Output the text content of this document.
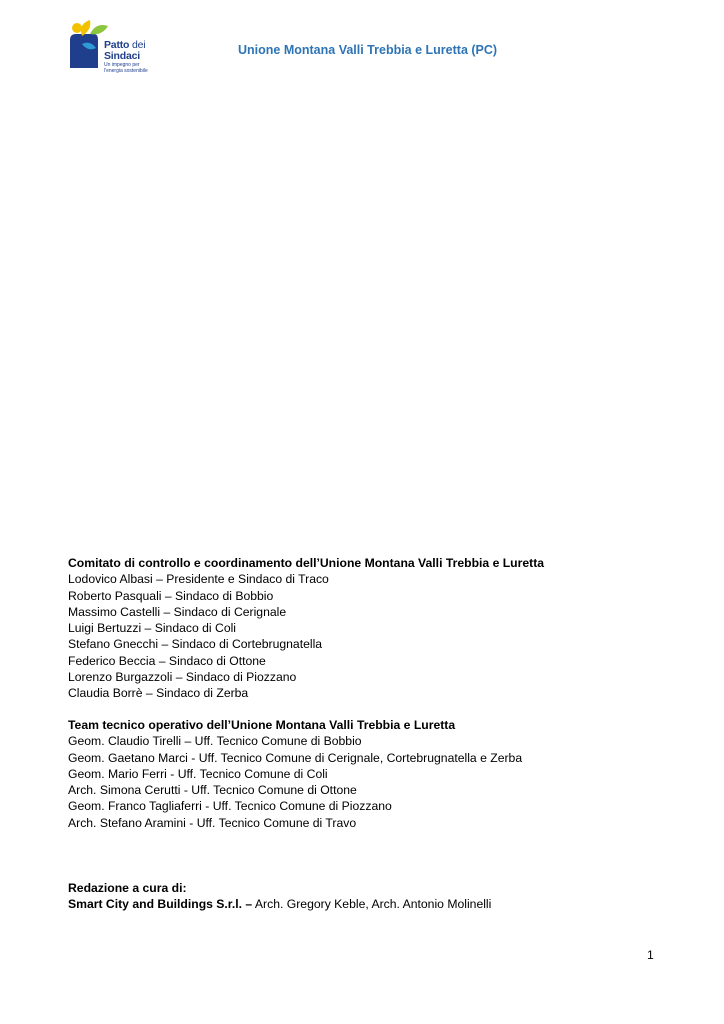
Patto dei
Sindaci
Un impegno per
l'energia sostenibile
Unione Montana Valli Trebbia e Luretta (PC)
Comitato di controllo e coordinamento dell’Unione Montana Valli Trebbia e Luretta
Lodovico Albasi – Presidente e Sindaco di Traco
Roberto Pasquali – Sindaco di Bobbio
Massimo Castelli – Sindaco di Cerignale
Luigi Bertuzzi – Sindaco di Coli
Stefano Gnecchi – Sindaco di Cortebrugnatella
Federico Beccia – Sindaco di Ottone
Lorenzo Burgazzoli – Sindaco di Piozzano
Claudia Borrè – Sindaco di Zerba
Team tecnico operativo dell’Unione Montana Valli Trebbia e Luretta
Geom. Claudio Tirelli – Uff. Tecnico Comune di Bobbio
Geom. Gaetano Marci - Uff. Tecnico Comune di Cerignale, Cortebrugnatella e Zerba
Geom. Mario Ferri - Uff. Tecnico Comune di Coli
Arch. Simona Cerutti - Uff. Tecnico Comune di Ottone
Geom. Franco Tagliaferri - Uff. Tecnico Comune di Piozzano
Arch. Stefano Aramini - Uff. Tecnico Comune di Travo
Redazione a cura di:
Smart City and Buildings S.r.l. – Arch. Gregory Keble, Arch. Antonio Molinelli
1
